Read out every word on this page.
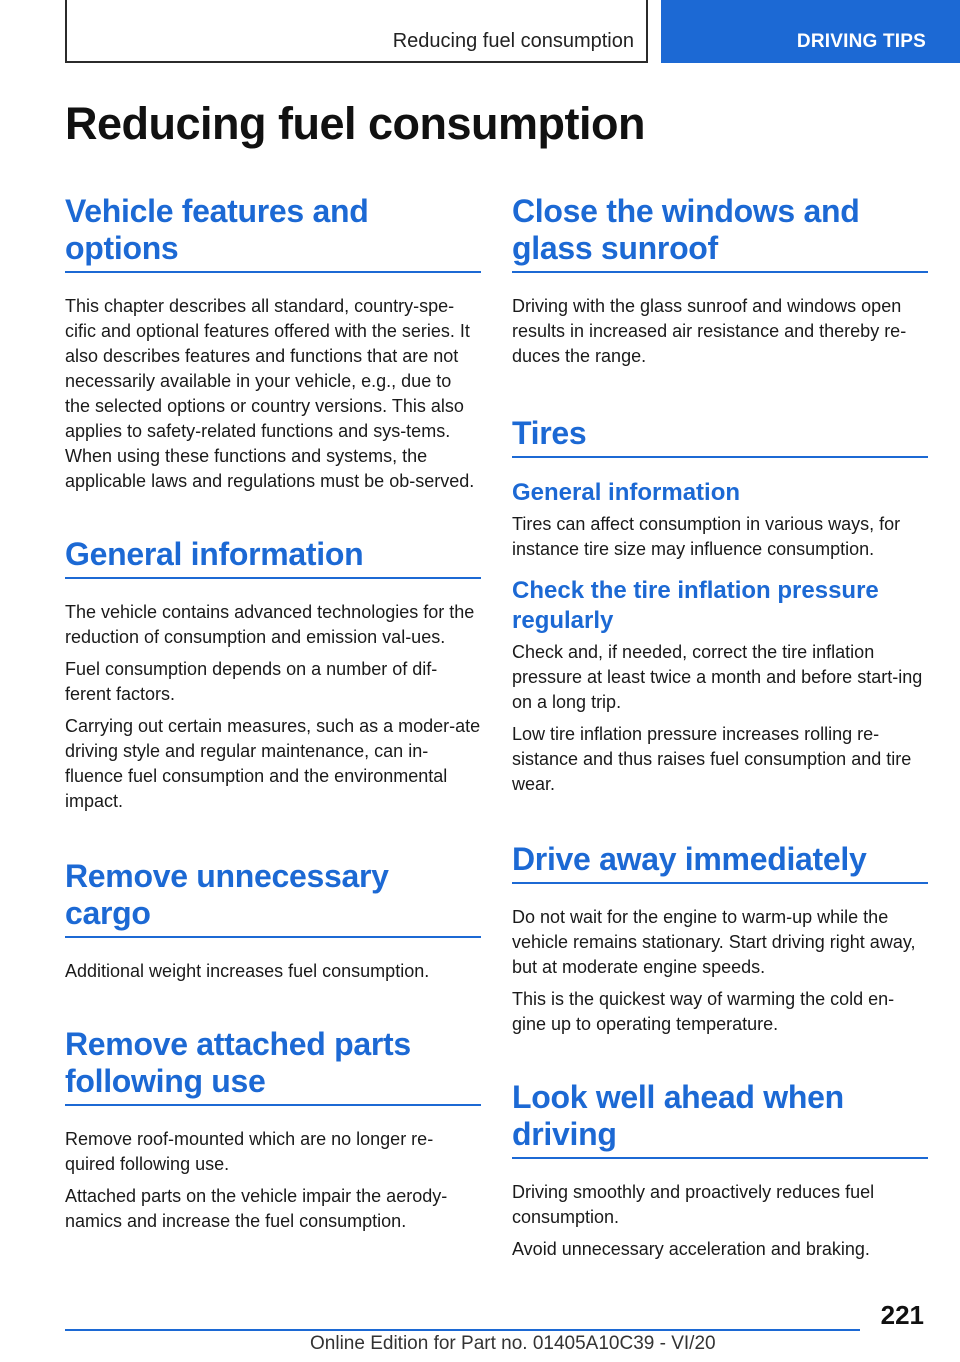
Reducing fuel consumption	DRIVING TIPS
Reducing fuel consumption
Vehicle features and options

This chapter describes all standard, country-spe-cific and optional features offered with the series. It also describes features and functions that are not necessarily available in your vehicle, e.g., due to the selected options or country versions. This also applies to safety-related functions and sys-tems. When using these functions and systems, the applicable laws and regulations must be ob-served.

General information

The vehicle contains advanced technologies for the reduction of consumption and emission val-ues.

Fuel consumption depends on a number of dif-ferent factors.

Carrying out certain measures, such as a moder-ate driving style and regular maintenance, can in-fluence fuel consumption and the environmental impact.

Remove unnecessary cargo

Additional weight increases fuel consumption.

Remove attached parts following use

Remove roof-mounted which are no longer re-quired following use.

Attached parts on the vehicle impair the aerody-namics and increase the fuel consumption.

Close the windows and glass sunroof

Driving with the glass sunroof and windows open results in increased air resistance and thereby re-duces the range.

Tires
General information

Tires can affect consumption in various ways, for instance tire size may influence consumption.

Check the tire inflation pressure regularly

Check and, if needed, correct the tire inflation pressure at least twice a month and before start-ing on a long trip.

Low tire inflation pressure increases rolling re-sistance and thus raises fuel consumption and tire wear.

Drive away immediately

Do not wait for the engine to warm-up while the vehicle remains stationary. Start driving right away, but at moderate engine speeds.

This is the quickest way of warming the cold en-gine up to operating temperature.

Look well ahead when driving

Driving smoothly and proactively reduces fuel consumption.

Avoid unnecessary acceleration and braking.

221
Online Edition for Part no. 01405A10C39 - VI/20
